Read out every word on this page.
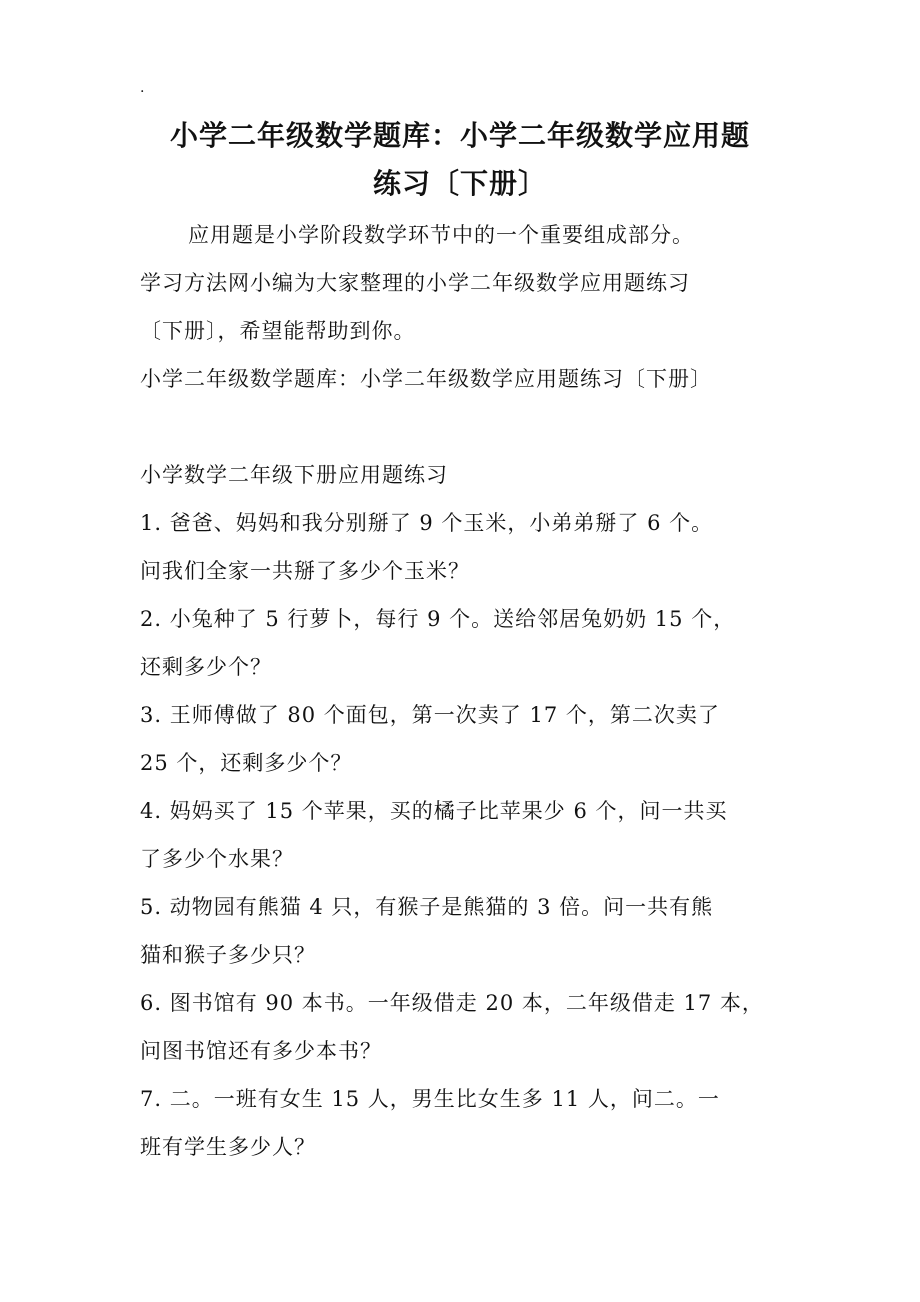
.
小学二年级数学题库：小学二年级数学应用题
练习〔下册〕
应用题是小学阶段数学环节中的一个重要组成部分。
学习方法网小编为大家整理的小学二年级数学应用题练习
〔下册〕，希望能帮助到你。
小学二年级数学题库：小学二年级数学应用题练习〔下册〕
小学数学二年级下册应用题练习
1. 爸爸、妈妈和我分别掰了 9 个玉米，小弟弟掰了 6 个。
问我们全家一共掰了多少个玉米？
2. 小兔种了 5 行萝卜，每行 9 个。送给邻居兔奶奶 15 个，
还剩多少个？
3. 王师傅做了 80 个面包，第一次卖了 17 个，第二次卖了
25 个，还剩多少个？
4. 妈妈买了 15 个苹果，买的橘子比苹果少 6 个，问一共买
了多少个水果？
5. 动物园有熊猫 4 只，有猴子是熊猫的 3 倍。问一共有熊
猫和猴子多少只？
6. 图书馆有 90 本书。一年级借走 20 本，二年级借走 17 本，
问图书馆还有多少本书？
7. 二。一班有女生 15 人，男生比女生多 11 人，问二。一
班有学生多少人？
